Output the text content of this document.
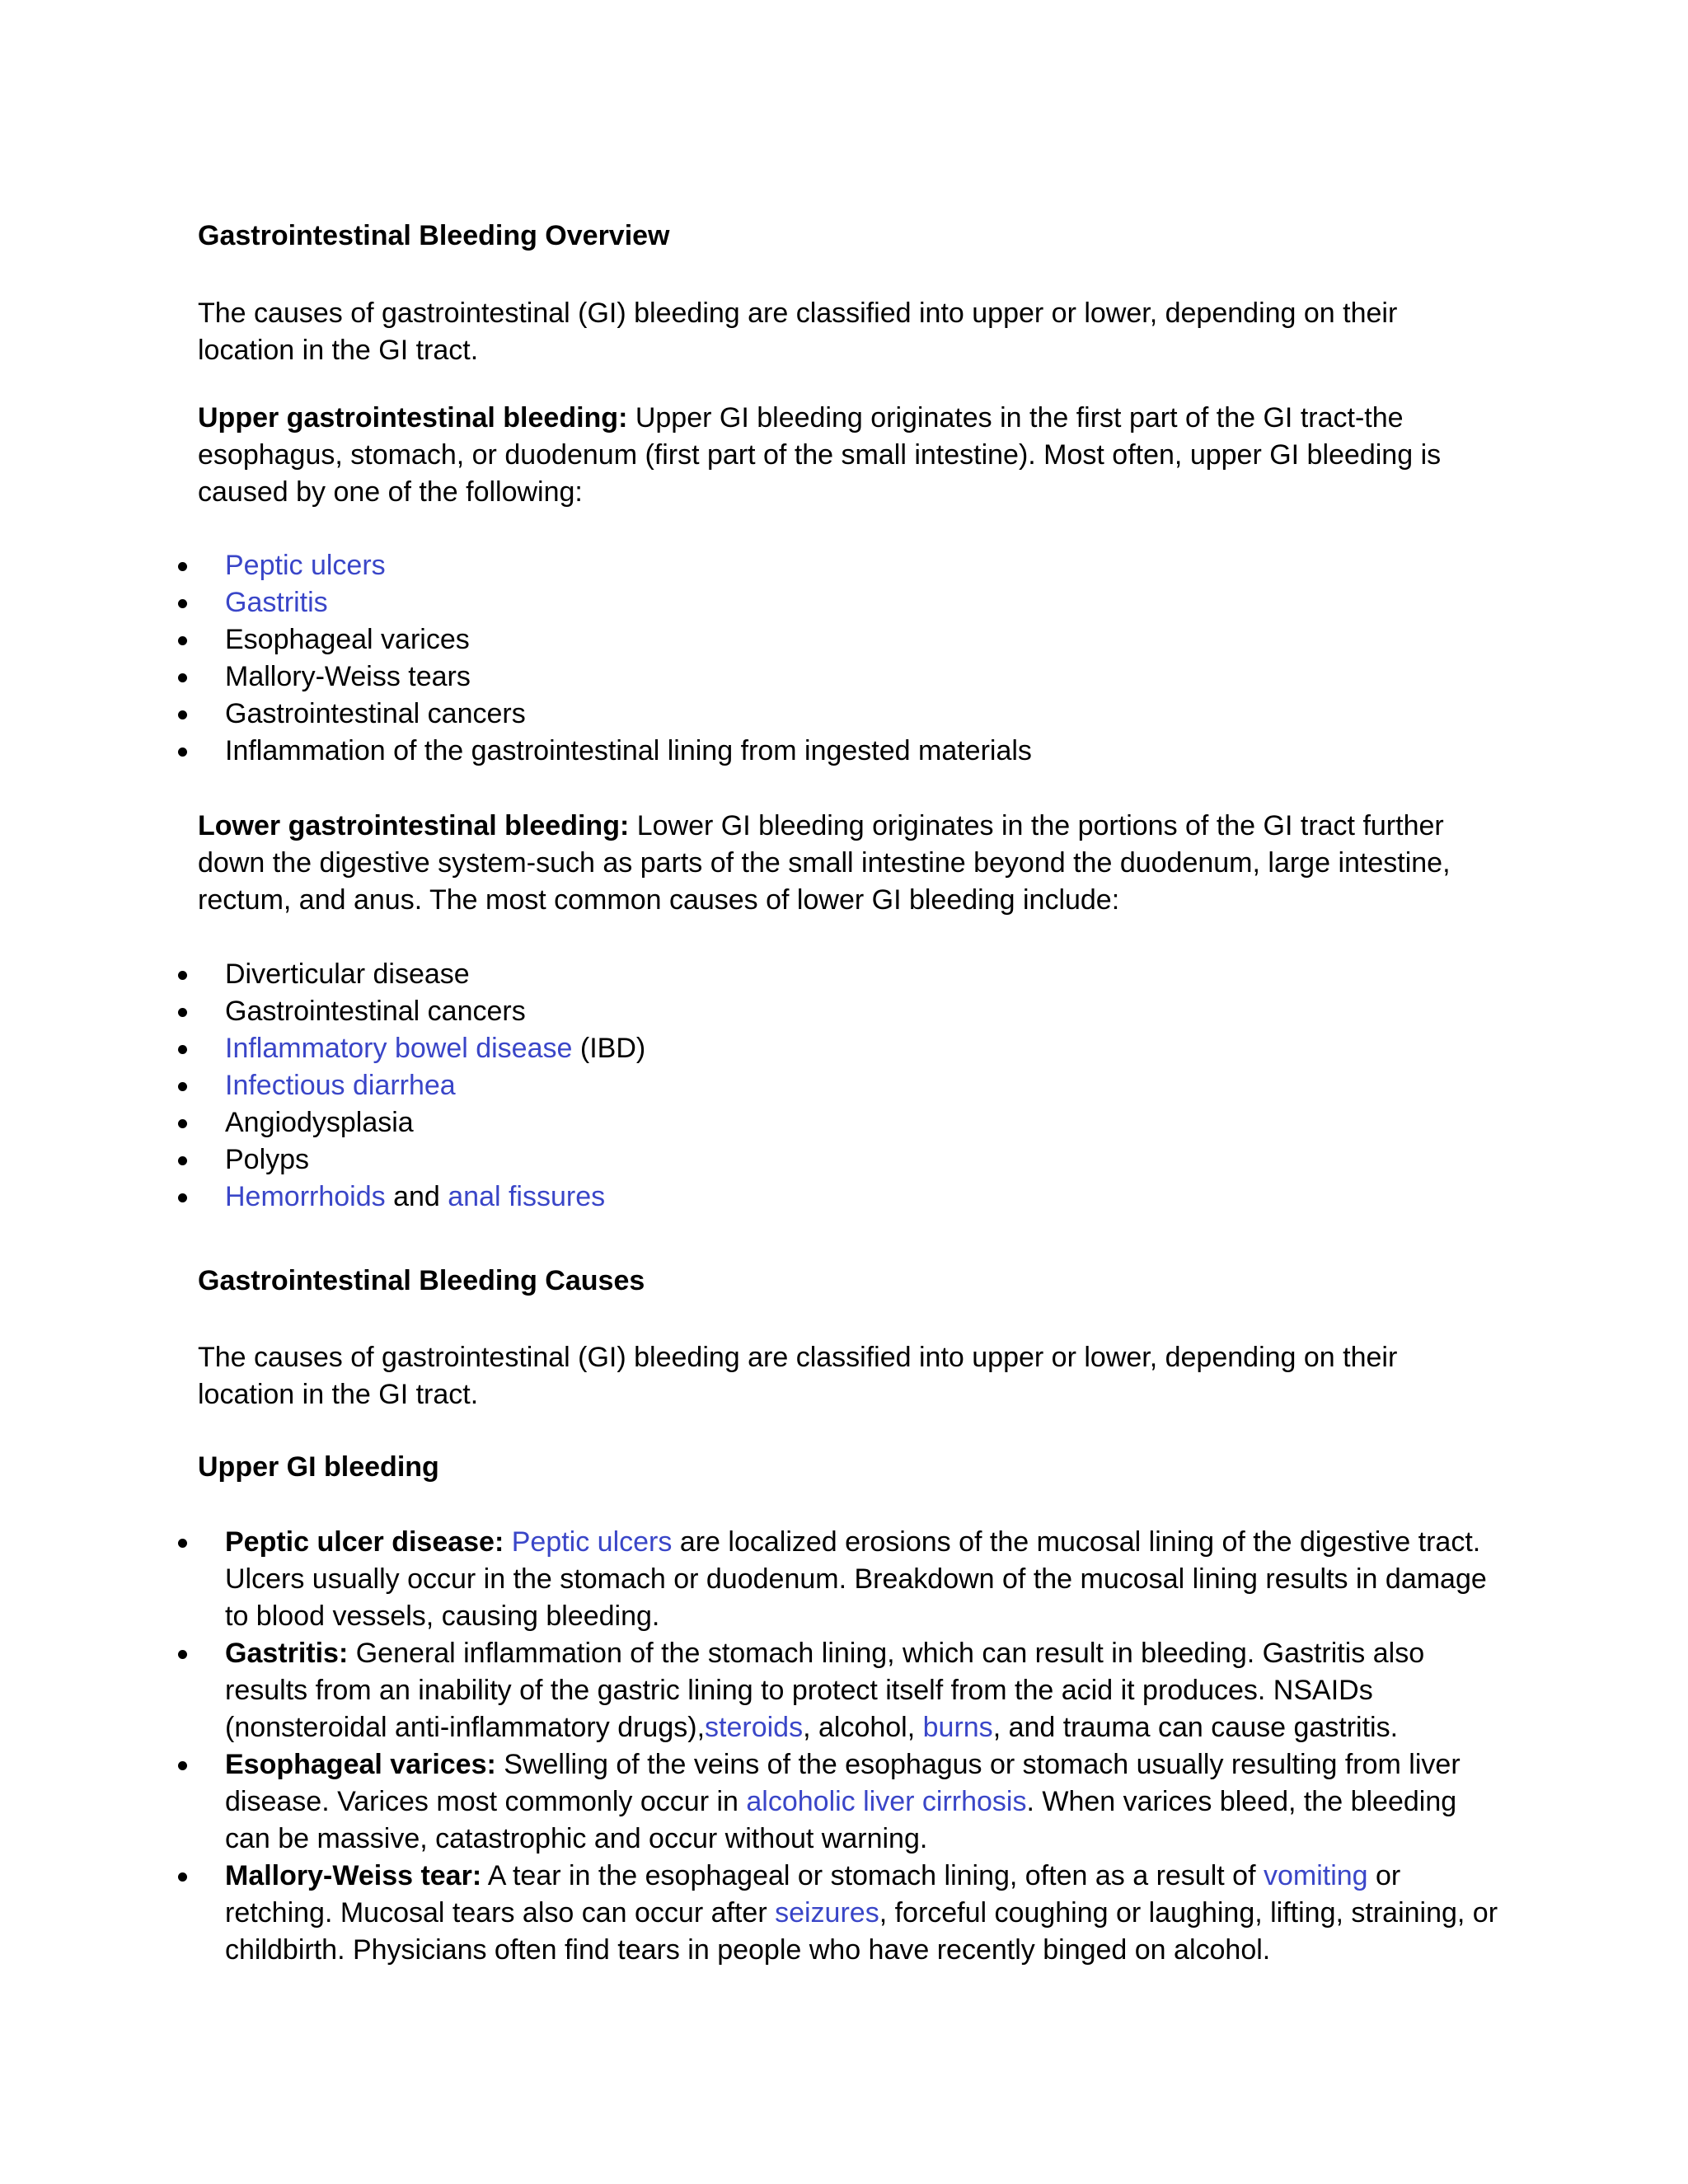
Gastrointestinal Bleeding Overview

The causes of gastrointestinal (GI) bleeding are classified into upper or lower, depending on their location in the GI tract.

Upper gastrointestinal bleeding: Upper GI bleeding originates in the first part of the GI tract-the esophagus, stomach, or duodenum (first part of the small intestine). Most often, upper GI bleeding is caused by one of the following:

Peptic ulcers
Gastritis
Esophageal varices
Mallory-Weiss tears
Gastrointestinal cancers
Inflammation of the gastrointestinal lining from ingested materials

Lower gastrointestinal bleeding: Lower GI bleeding originates in the portions of the GI tract further down the digestive system-such as parts of the small intestine beyond the duodenum, large intestine, rectum, and anus. The most common causes of lower GI bleeding include:

Diverticular disease
Gastrointestinal cancers
Inflammatory bowel disease (IBD)
Infectious diarrhea
Angiodysplasia
Polyps
Hemorrhoids and anal fissures
Gastrointestinal Bleeding Causes

The causes of gastrointestinal (GI) bleeding are classified into upper or lower, depending on their location in the GI tract.

Upper GI bleeding
Peptic ulcer disease: Peptic ulcers are localized erosions of the mucosal lining of the digestive tract. Ulcers usually occur in the stomach or duodenum. Breakdown of the mucosal lining results in damage to blood vessels, causing bleeding.
Gastritis: General inflammation of the stomach lining, which can result in bleeding. Gastritis also results from an inability of the gastric lining to protect itself from the acid it produces. NSAIDs (nonsteroidal anti-inflammatory drugs),steroids, alcohol, burns, and trauma can cause gastritis.
Esophageal varices: Swelling of the veins of the esophagus or stomach usually resulting from liver disease. Varices most commonly occur in alcoholic liver cirrhosis. When varices bleed, the bleeding can be massive, catastrophic and occur without warning.
Mallory-Weiss tear: A tear in the esophageal or stomach lining, often as a result of vomiting or retching. Mucosal tears also can occur after seizures, forceful coughing or laughing, lifting, straining, or childbirth. Physicians often find tears in people who have recently binged on alcohol.
